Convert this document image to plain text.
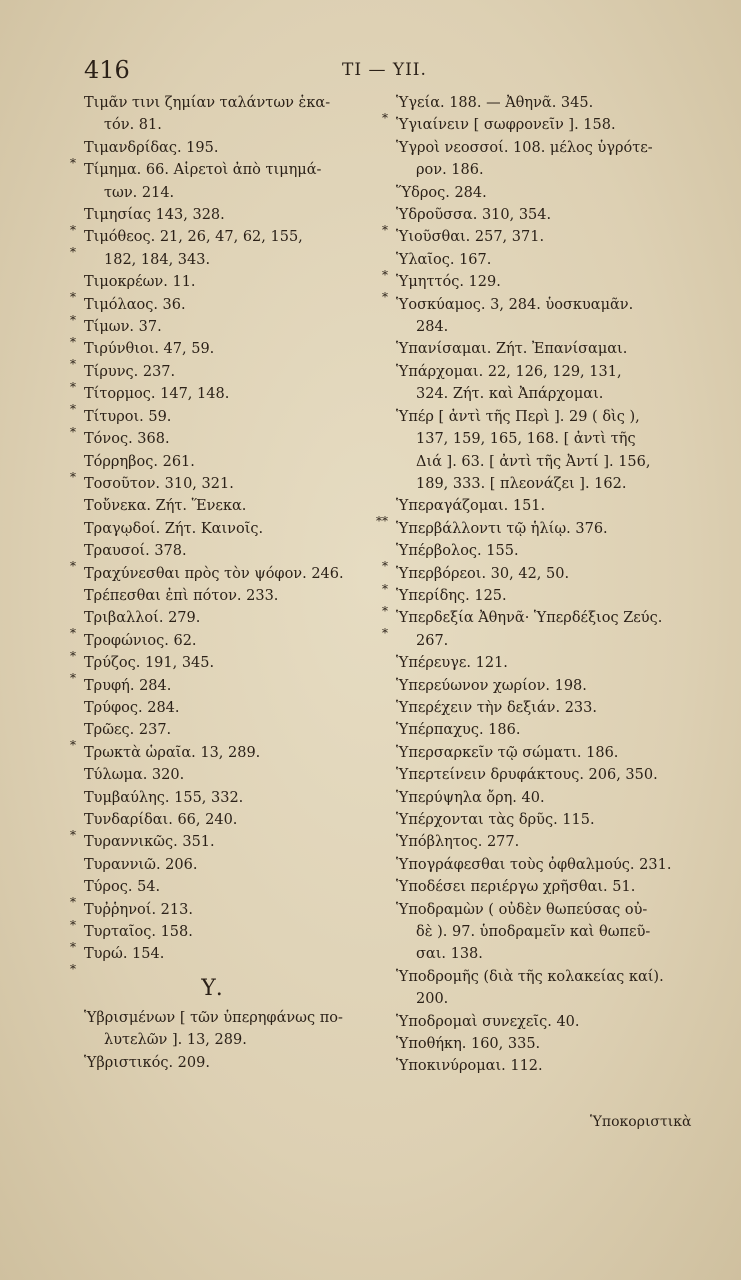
416	TI — YII.
Τιμᾶν τινι ζημίαν ταλάντων ἑκα-
τόν. 81.
*
Τιμανδρίδας. 195.
Τίμημα. 66. Αἱρετοὶ ἀπὸ τιμημά-
των. 214.
*
Τιμησίας 143, 328.
*
Τιμόθεος. 21, 26, 47, 62, 155,
182, 184, 343.
*
Τιμοκρέων. 11.
*
Τιμόλαος. 36.
*
Τίμων. 37.
*
Τιρύνθιοι. 47, 59.
*
Τίρυνς. 237.
*
Τίτορμος. 147, 148.
*
Τίτυροι. 59.
Τόνος. 368.
*
Τόρρηβος. 261.
Τοσοῦτον. 310, 321.
Τοὔνεκα. Ζήτ. Ἕνεκα.
Τραγῳδοί. Ζήτ. Καινοῖς.
*
Τραυσοί. 378.
Τραχύνεσθαι πρὸς τὸν ψόφον. 246.
Τρέπεσθαι ἐπὶ πότον. 233.
*
Τριβαλλοί. 279.
*
Τροφώνιος. 62.
*
Τρύζος. 191, 345.
Τρυφή. 284.
Τρύφος. 284.
*
Τρῶες. 237.
Τρωκτὰ ὡραῖα. 13, 289.
Τύλωμα. 320.
Τυμβαύλης. 155, 332.
*
Τυνδαρίδαι. 66, 240.
Τυραννικῶς. 351.
Τυραννιῶ. 206.
*
Τύρος. 54.
*
Τυῤῥηνοί. 213.
*
Τυρταῖος. 158.
*
Τυρώ. 154.
Υ.
Ὑβρισμένων [ τῶν ὑπερηφάνως πο-
λυτελῶν ]. 13, 289.
Ὑβριστικός. 209.
*
Ὑγεία. 188. — Ἀθηνᾶ. 345.
Ὑγιαίνειν [ σωφρονεῖν ]. 158.
Ὑγροὶ νεοσσοί. 108. μέλος ὑγρότε-
ρον. 186.
Ὕδρος. 284.
*
Ὑδροῦσσα. 310, 354.
Ὑιοῦσθαι. 257, 371.
*
Ὑλαῖος. 167.
*
Ὑμηττός. 129.
Ὑοσκύαμος. 3, 284. ὑοσκυαμᾶν.
284.
Ὑπανίσαμαι. Ζήτ. Ἐπανίσαμαι.
Ὑπάρχομαι. 22, 126, 129, 131,
324. Ζήτ. καὶ Ἀπάρχομαι.
Ὑπέρ [ ἀντὶ τῆς Περὶ ]. 29 ( δὶς ),
137, 159, 165, 168. [ ἀντὶ τῆς
Διά ]. 63. [ ἀντὶ τῆς Ἀντί ]. 156,
189, 333. [ πλεονάζει ]. 162.
**
Ὑπεραγάζομαι. 151.
Ὑπερβάλλοντι τῷ ἡλίῳ. 376.
*
Ὑπέρβολος. 155.
*
Ὑπερβόρεοι. 30, 42, 50.
*
Ὑπερίδης. 125.
*
Ὑπερδεξία Ἀθηνᾶ· Ὑπερδέξιος Ζεύς.
267.
Ὑπέρευγε. 121.
Ὑπερεύωνον χωρίον. 198.
Ὑπερέχειν τὴν δεξιάν. 233.
Ὑπέρπαχυς. 186.
Ὑπερσαρκεῖν τῷ σώματι. 186.
Ὑπερτείνειν δρυφάκτους. 206, 350.
Ὑπερύψηλα ὄρη. 40.
Ὑπέρχονται τὰς δρῦς. 115.
Ὑπόβλητος. 277.
Ὑπογράφεσθαι τοὺς ὀφθαλμούς. 231.
Ὑποδέσει περιέργω χρῆσθαι. 51.
Ὑποδραμὼν ( οὐδὲν θωπεύσας οὐ-
δὲ ). 97. ὑποδραμεῖν καὶ θωπεῦ-
σαι. 138.
Ὑποδρομῆς (διὰ τῆς κολακείας καί).
200.
Ὑποδρομαὶ συνεχεῖς. 40.
Ὑποθήκη. 160, 335.
Ὑποκινύρομαι. 112.
Ὑποκοριστικὰ
